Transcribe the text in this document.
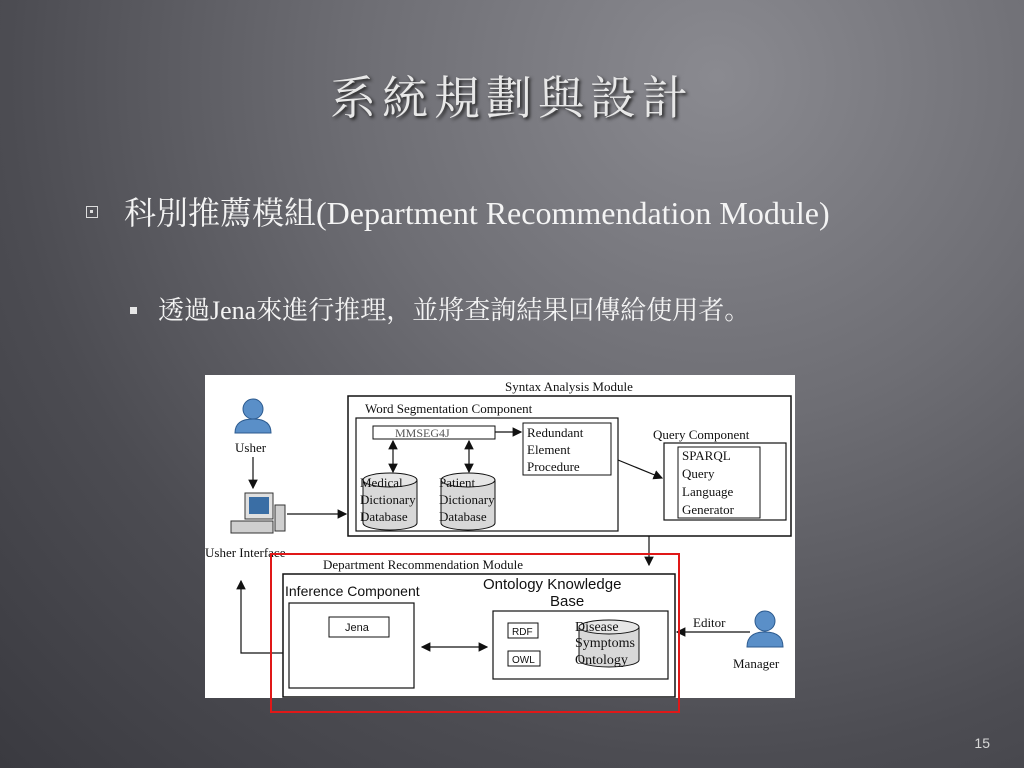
系統規劃與設計
科別推薦模組(Department Recommendation Module)
透過Jena來進行推理，並將查詢結果回傳給使用者。
Syntax Analysis Module
Word Segmentation Component
MMSEG4J	Redundant
Element
Procedure
Medical
Dictionary
Database
Patient
Dictionary
Database
Query Component
SPARQL
Query
Language
Generator
Usher
Usher Interface
Department Recommendation Module
Inference Component
Jena
Ontology Knowledge
Base
RDF
OWL
Disease
Symptoms
Ontology
Editor
Manager
15
